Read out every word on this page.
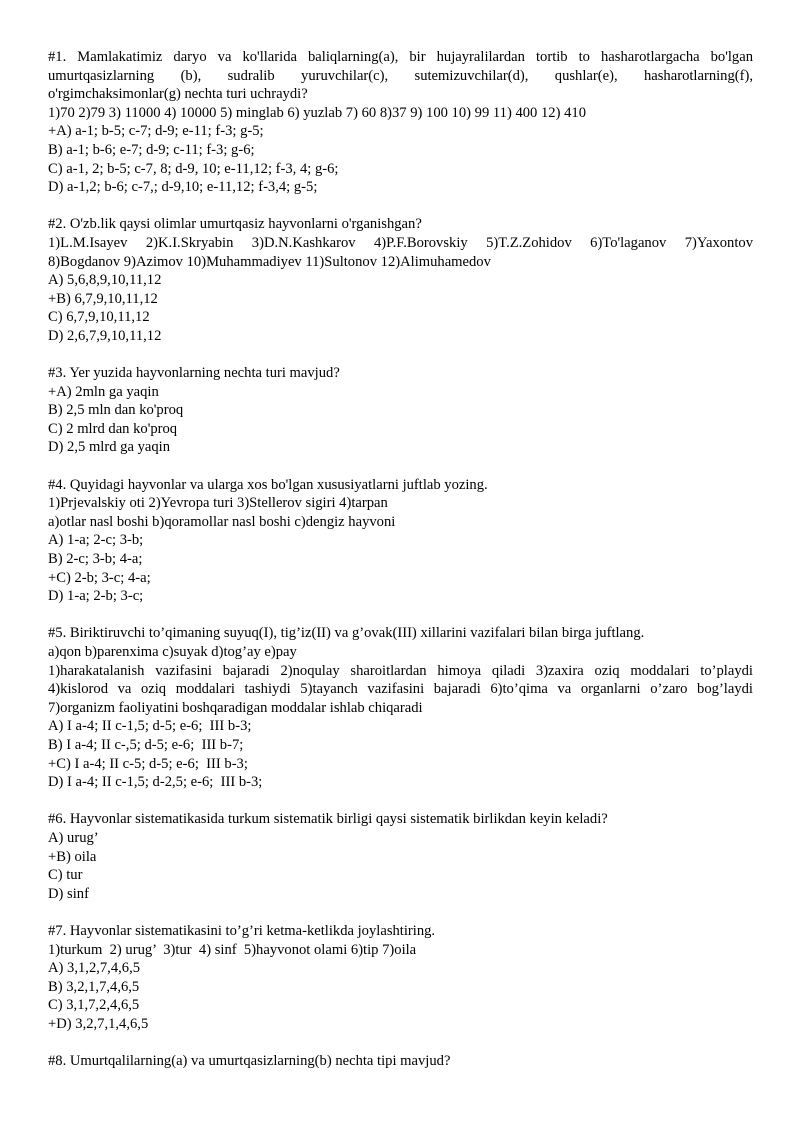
#1. Mamlakatimiz daryo va ko'llarida baliqlarning(a), bir hujayralilardan tortib to hasharotlargacha bo'lgan
umurtqasizlarning (b), sudralib yuruvchilar(c), sutemizuvchilar(d), qushlar(e), hasharotlarning(f),
o'rgimchaksimonlar(g) nechta turi uchraydi?
1)70 2)79 3) 11000 4) 10000 5) minglab 6) yuzlab 7) 60 8)37 9) 100 10) 99 11) 400 12) 410
+A) a-1; b-5; c-7; d-9; e-11; f-3; g-5;
B) a-1; b-6; e-7; d-9; c-11; f-3; g-6;
C) a-1, 2; b-5; c-7, 8; d-9, 10; e-11,12; f-3, 4; g-6;
D) a-1,2; b-6; c-7,; d-9,10; e-11,12; f-3,4; g-5;
#2. O'zb.lik qaysi olimlar umurtqasiz hayvonlarni o'rganishgan?
1)L.M.Isayev 2)K.I.Skryabin 3)D.N.Kashkarov 4)P.F.Borovskiy 5)T.Z.Zohidov 6)To'laganov 7)Yaxontov
8)Bogdanov 9)Azimov 10)Muhammadiyev 11)Sultonov 12)Alimuhamedov
A) 5,6,8,9,10,11,12
+B) 6,7,9,10,11,12
C) 6,7,9,10,11,12
D) 2,6,7,9,10,11,12
#3. Yer yuzida hayvonlarning nechta turi mavjud?
+A) 2mln ga yaqin
B) 2,5 mln dan ko'proq
C) 2 mlrd dan ko'proq
D) 2,5 mlrd ga yaqin
#4. Quyidagi hayvonlar va ularga xos bo'lgan xususiyatlarni juftlab yozing.
1)Prjevalskiy oti 2)Yevropa turi 3)Stellerov sigiri 4)tarpan
a)otlar nasl boshi b)qoramollar nasl boshi c)dengiz hayvoni
A) 1-a; 2-c; 3-b;
B) 2-c; 3-b; 4-a;
+C) 2-b; 3-c; 4-a;
D) 1-a; 2-b; 3-c;
#5. Biriktiruvchi to’qimaning suyuq(I), tig’iz(II) va g’ovak(III) xillarini vazifalari bilan birga juftlang.
a)qon b)parenxima c)suyak d)tog’ay e)pay
1)harakatalanish vazifasini bajaradi 2)noqulay sharoitlardan himoya qiladi 3)zaxira oziq moddalari to’playdi
4)kislorod va oziq moddalari tashiydi 5)tayanch vazifasini bajaradi 6)to’qima va organlarni o’zaro bog’laydi
7)organizm faoliyatini boshqaradigan moddalar ishlab chiqaradi
A) I a-4; II c-1,5; d-5; e-6;  III b-3;
B) I a-4; II c-,5; d-5; e-6;  III b-7;
+C) I a-4; II c-5; d-5; e-6;  III b-3;
D) I a-4; II c-1,5; d-2,5; e-6;  III b-3;
#6. Hayvonlar sistematikasida turkum sistematik birligi qaysi sistematik birlikdan keyin keladi?
A) urug’
+B) oila
C) tur
D) sinf
#7. Hayvonlar sistematikasini to’g’ri ketma-ketlikda joylashtiring.
1)turkum  2) urug’  3)tur  4) sinf  5)hayvonot olami 6)tip 7)oila
A) 3,1,2,7,4,6,5
B) 3,2,1,7,4,6,5
C) 3,1,7,2,4,6,5
+D) 3,2,7,1,4,6,5
#8. Umurtqalilarning(a) va umurtqasizlarning(b) nechta tipi mavjud?
